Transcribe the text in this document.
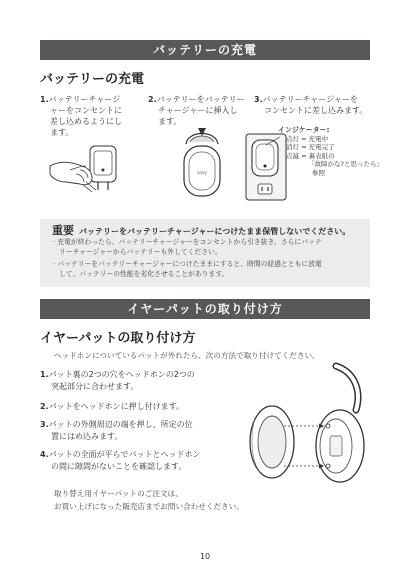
バッテリーの充電
バッテリーの充電
1.バッテリーチャージ
ャーをコンセントに
差し込めるようにし
ます。
2.バッテリーをバッテリー
チャージャーに挿入し
ます。
3.バッテリーチャージャーを
コンセントに差し込みます。
sony
インジケーター:
点灯 = 充電中
消灯 = 充電完了
点滅 = 裏表紙の
「故障かな?と思ったら」
参照
重要 バッテリーをバッテリーチャージャーにつけたまま保管しないでください。
· 充電が終わったら、バッテリーチャージャーをコンセントから引き抜き、さらにバッテ
リーチャージャーからバッテリーも外してください。
· バッテリーをバッテリーチャージャーにつけたままにすると、時間の経過とともに放電
して、バッテリーの性能を劣化させることがあります。
イヤーパットの取り付け方
イヤーパットの取り付け方
ヘッドホンについているパットが外れたら、次の方法で取り付けてください。
1.パット裏の2つの穴をヘッドホンの2つの
突起部分に合わせます。
2.パットをヘッドホンに押し付けます。
3.パットの外側周辺の端を押し、所定の位
置にはめ込みます。
4.パットの全面が平らでパットとヘッドホン
の間に隙間がないことを確認します。
取り替え用イヤーパットのご注文は、
お買い上げになった販売店までお問い合わせください。
10
